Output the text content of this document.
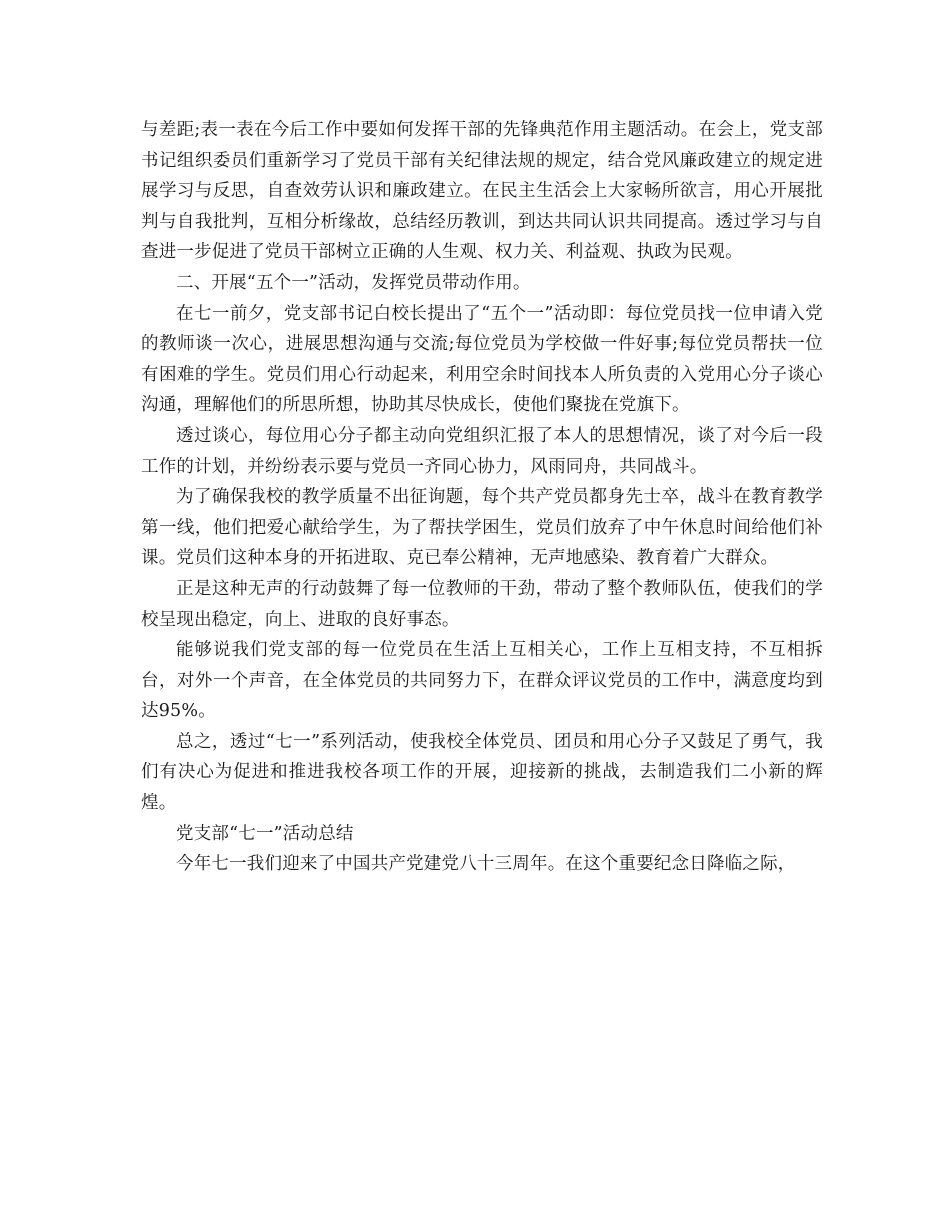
与差距;表一表在今后工作中要如何发挥干部的先锋典范作用主题活动。在会上，党支部书记组织委员们重新学习了党员干部有关纪律法规的规定，结合党风廉政建立的规定进展学习与反思，自查效劳认识和廉政建立。在民主生活会上大家畅所欲言，用心开展批判与自我批判，互相分析缘故，总结经历教训，到达共同认识共同提高。透过学习与自查进一步促进了党员干部树立正确的人生观、权力关、利益观、执政为民观。

二、开展“五个一”活动，发挥党员带动作用。

在七一前夕，党支部书记白校长提出了“五个一”活动即：每位党员找一位申请入党的教师谈一次心，进展思想沟通与交流;每位党员为学校做一件好事;每位党员帮扶一位有困难的学生。党员们用心行动起来，利用空余时间找本人所负责的入党用心分子谈心沟通，理解他们的所思所想，协助其尽快成长，使他们聚拢在党旗下。

透过谈心，每位用心分子都主动向党组织汇报了本人的思想情况，谈了对今后一段工作的计划，并纷纷表示要与党员一齐同心协力，风雨同舟，共同战斗。

为了确保我校的教学质量不出征询题，每个共产党员都身先士卒，战斗在教育教学第一线，他们把爱心献给学生，为了帮扶学困生，党员们放弃了中午休息时间给他们补课。党员们这种本身的开拓进取、克已奉公精神，无声地感染、教育着广大群众。

正是这种无声的行动鼓舞了每一位教师的干劲，带动了整个教师队伍，使我们的学校呈现出稳定，向上、进取的良好事态。

能够说我们党支部的每一位党员在生活上互相关心，工作上互相支持，不互相拆台，对外一个声音，在全体党员的共同努力下，在群众评议党员的工作中，满意度均到达95%。

总之，透过“七一”系列活动，使我校全体党员、团员和用心分子又鼓足了勇气，我们有决心为促进和推进我校各项工作的开展，迎接新的挑战，去制造我们二小新的辉煌。

党支部“七一”活动总结

今年七一我们迎来了中国共产党建党八十三周年。在这个重要纪念日降临之际，
